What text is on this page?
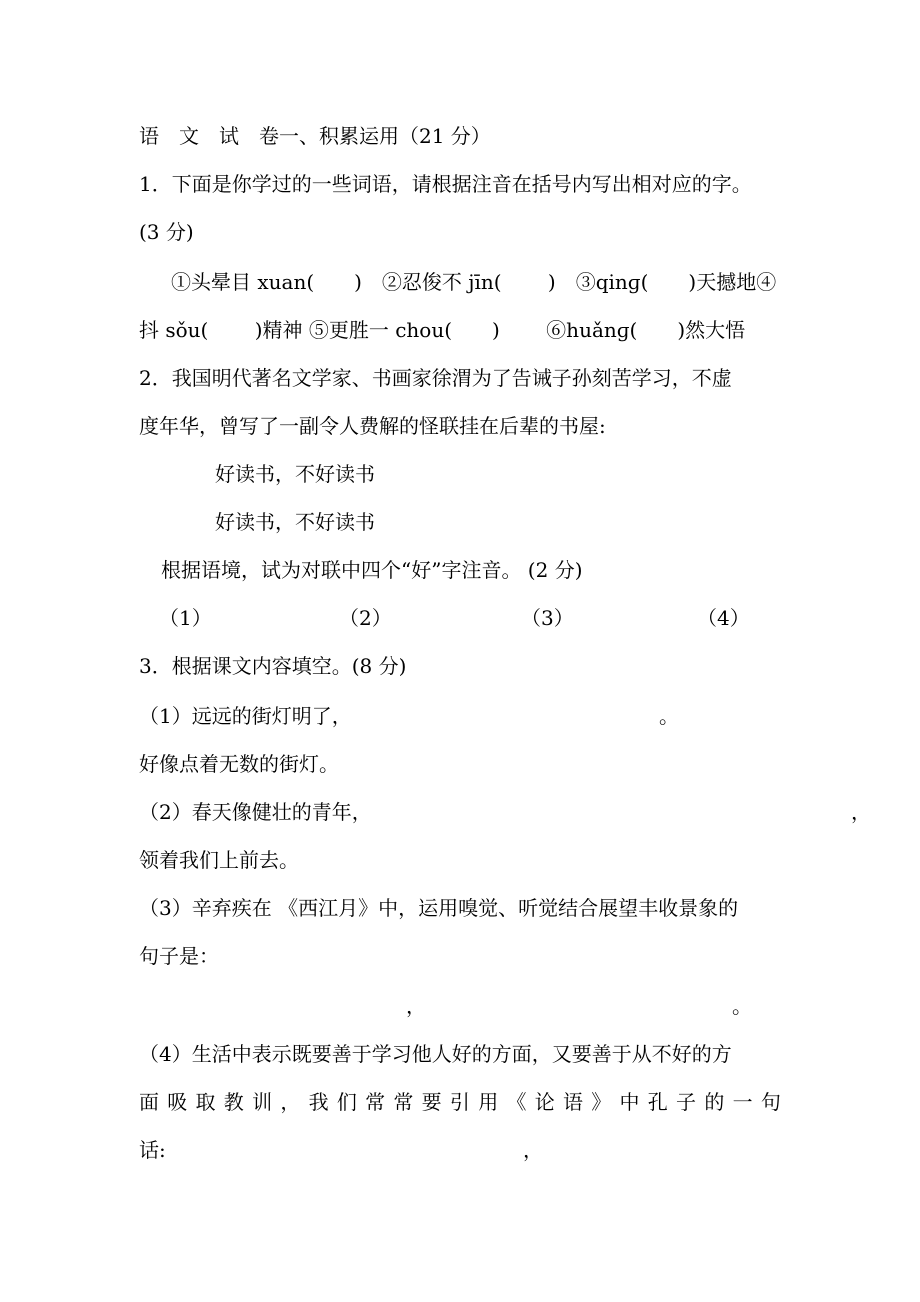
语　文　试　卷一、积累运用（21 分）
1．下面是你学过的一些词语，请根据注音在括号内写出相对应的字。
(3 分)
①头晕目 xuan(　　)　②忍俊不 jīn(　　 )　③qinɡ(　　)天撼地④
抖 sǒu(　　 )精神 ⑤更胜一 chou(　　)　　 ⑥huǎnɡ(　　)然大悟
2．我国明代著名文学家、书画家徐渭为了告诫子孙刻苦学习，不虚
度年华，曾写了一副令人费解的怪联挂在后辈的书屋:
好读书，不好读书
好读书，不好读书
根据语境，试为对联中四个“好”字注音。 (2 分)
（1）	（2）	（3）	（4）
3．根据课文内容填空。(8 分)
（1）远远的街灯明了，	。
好像点着无数的街灯。
（2）春天像健壮的青年，	，
领着我们上前去。
（3）辛弃疾在 《西江月》中，运用嗅觉、听觉结合展望丰收景象的
句子是：
，	。
（4）生活中表示既要善于学习他人好的方面，又要善于从不好的方
面 吸 取 教 训 ， 我 们 常 常 要 引 用 《 论 语 》 中 孔 子 的 一 句
话:	，
